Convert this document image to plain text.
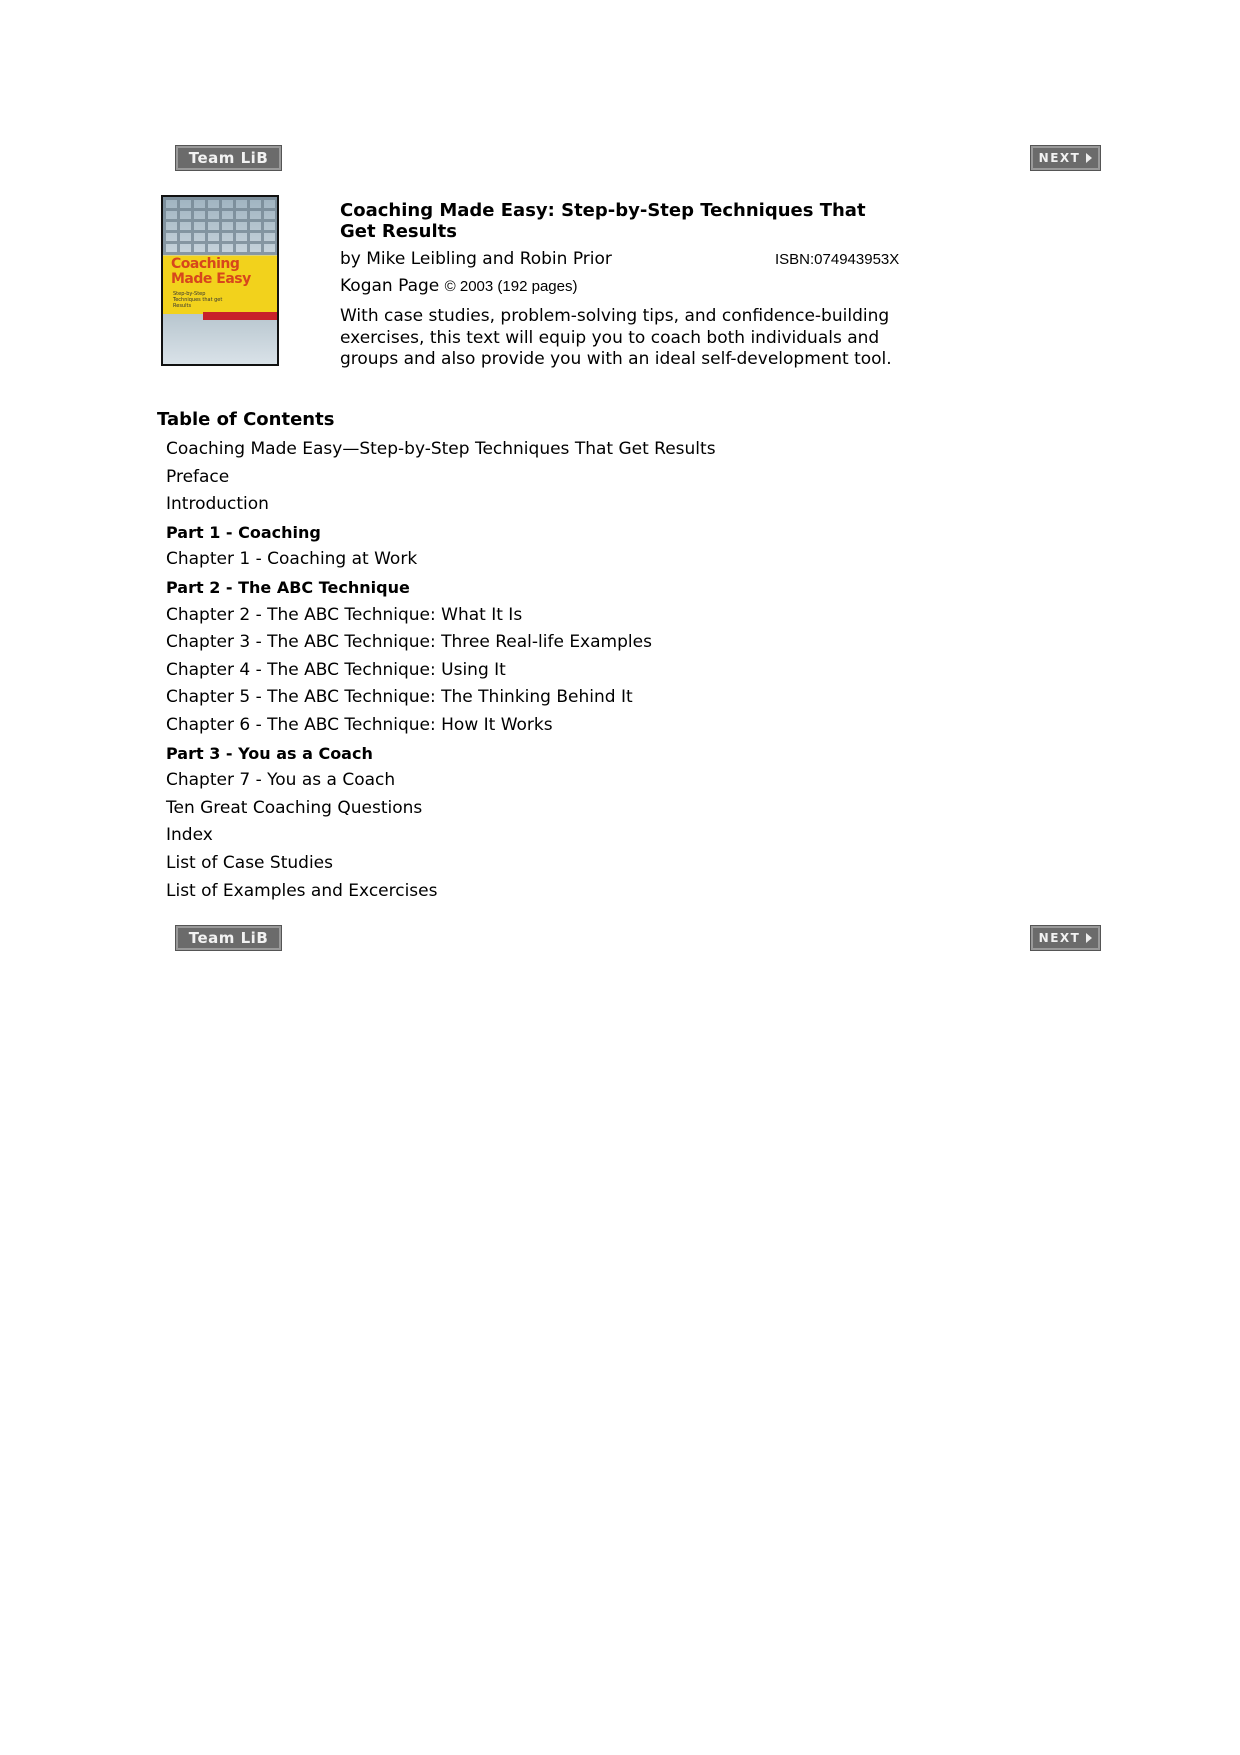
Team LiB	NEXT
Coaching Made Easy
Step-by-Step Techniques that get Results
Coaching Made Easy: Step-by-Step Techniques That Get Results
by Mike Leibling and Robin Prior	ISBN:074943953X
Kogan Page © 2003 (192 pages)
With case studies, problem-solving tips, and confidence-building exercises, this text will equip you to coach both individuals and groups and also provide you with an ideal self-development tool.
Table of Contents
Coaching Made Easy—Step-by-Step Techniques That Get Results
Preface
Introduction
Part 1 - Coaching
Chapter 1 - Coaching at Work
Part 2 - The ABC Technique
Chapter 2 - The ABC Technique: What It Is
Chapter 3 - The ABC Technique: Three Real-life Examples
Chapter 4 - The ABC Technique: Using It
Chapter 5 - The ABC Technique: The Thinking Behind It
Chapter 6 - The ABC Technique: How It Works
Part 3 - You as a Coach
Chapter 7 - You as a Coach
Ten Great Coaching Questions
Index
List of Case Studies
List of Examples and Excercises
Team LiB	NEXT
